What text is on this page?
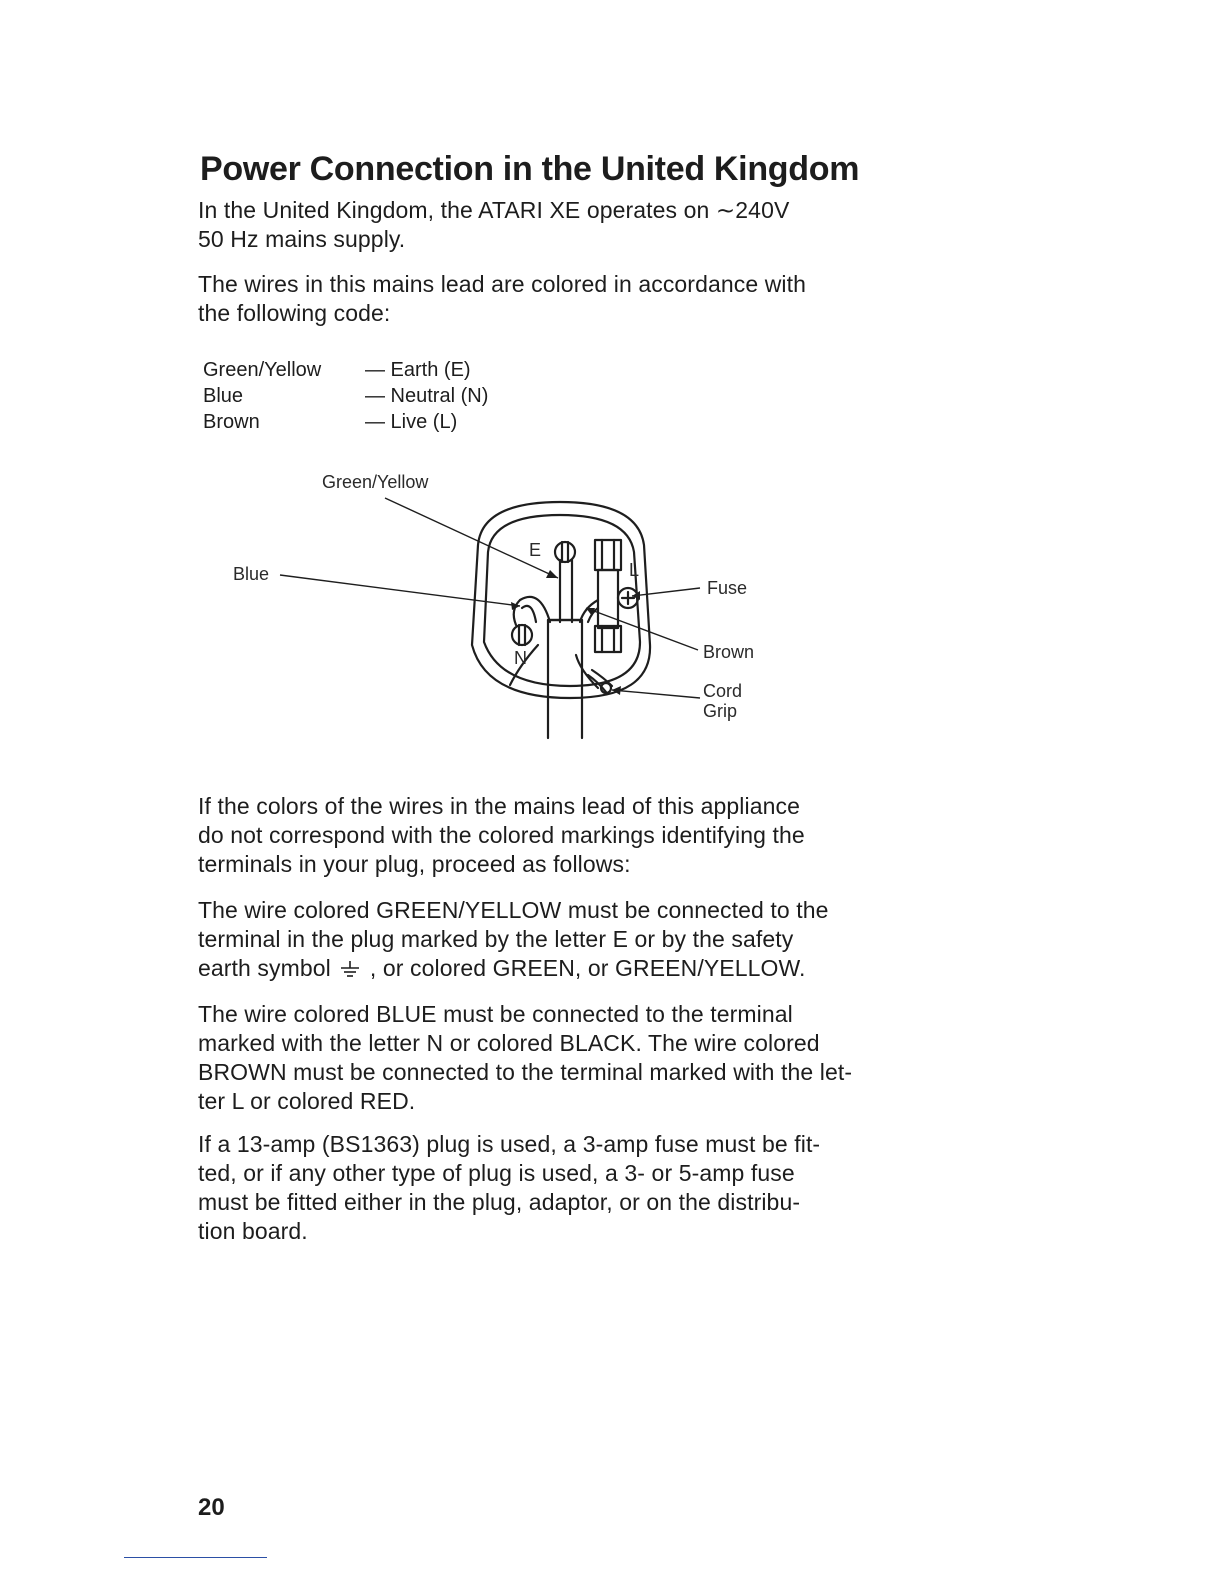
Power Connection in the United Kingdom

In the United Kingdom, the ATARI XE operates on ∼240V
50 Hz mains supply.

The wires in this mains lead are colored in accordance with
the following code:

Green/Yellow — Earth (E)
Blue	— Neutral (N)
Brown	— Live (L)
Green/Yellow
Blue
Fuse
Brown
Cord
Grip
E
L
N

If the colors of the wires in the mains lead of this appliance
do not correspond with the colored markings identifying the
terminals in your plug, proceed as follows:

The wire colored GREEN/YELLOW must be connected to the
terminal in the plug marked by the letter E or by the safety
earth symbol , or colored GREEN, or GREEN/YELLOW.

The wire colored BLUE must be connected to the terminal
marked with the letter N or colored BLACK. The wire colored
BROWN must be connected to the terminal marked with the let-
ter L or colored RED.

If a 13-amp (BS1363) plug is used, a 3-amp fuse must be fit-
ted, or if any other type of plug is used, a 3- or 5-amp fuse
must be fitted either in the plug, adaptor, or on the distribu-
tion board.

20
